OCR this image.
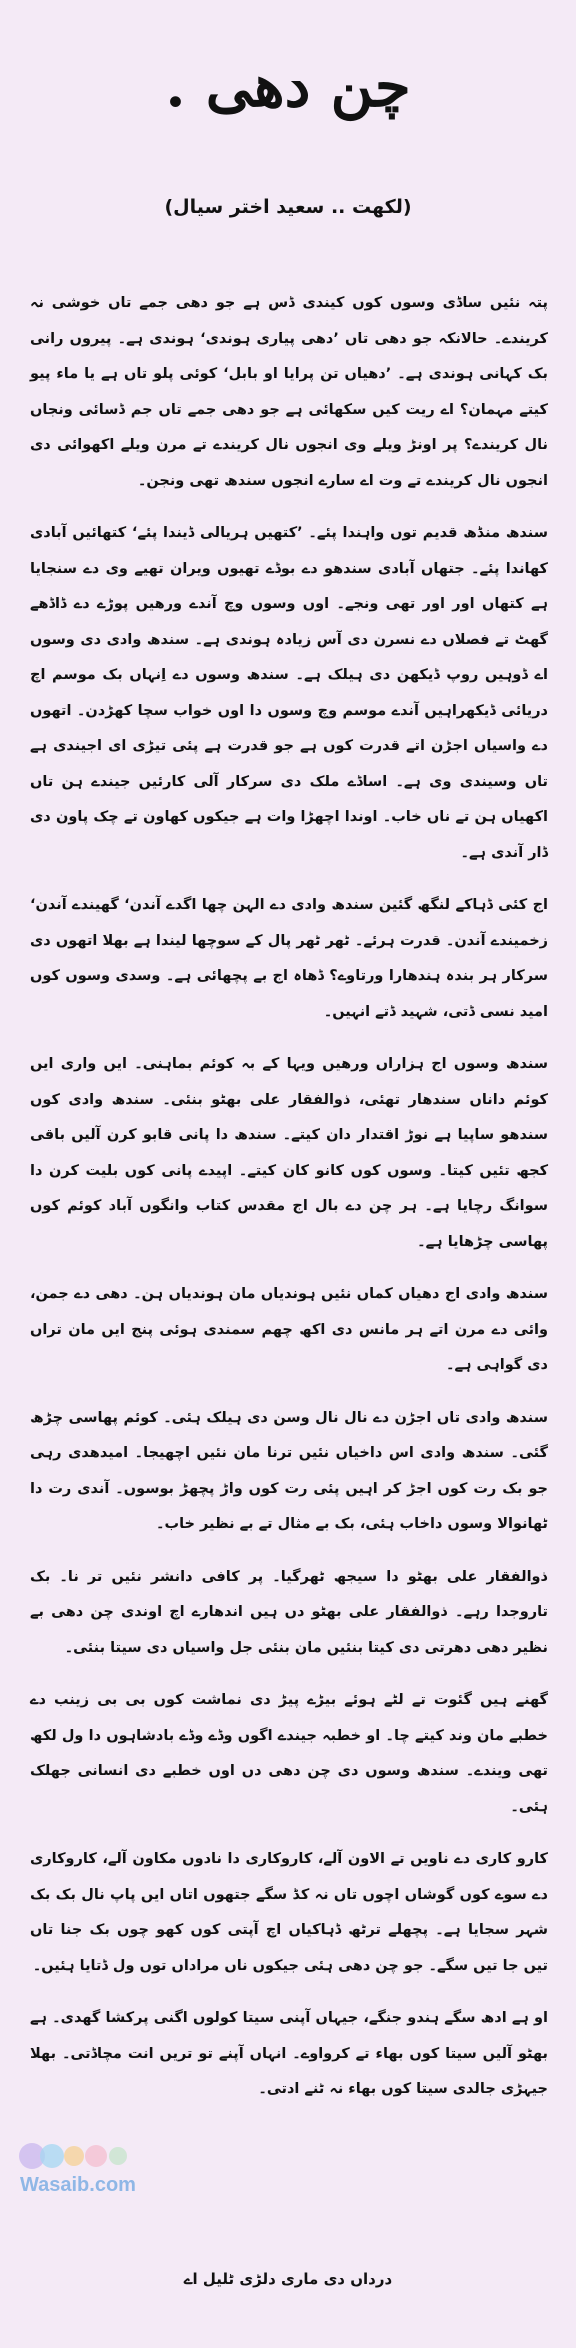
چن دھی .
(لکھت .. سعید اختر سیال)

پتہ نئیں ساڈی وسوں کوں کیندی ڈس ہے جو دھی جمے تاں خوشی نہ کریندے۔ حالانکہ جو دھی تاں ’دھی پیاری ہوندی‘ ہوندی ہے۔ پیروں رانی بک کہانی ہوندی ہے۔ ’دھیاں تن پرایا او بابل‘ کوئی پلو تاں ہے یا ماء پیو کیتے مہمان؟ اے ریت کیں سکھائی ہے جو دھی جمے تاں جم ڈسائی ونجاں نال کریندے؟ پر اونڑ ویلے وی انجوں نال کریندے تے مرن ویلے اکھوائی دی انجوں نال کریندے تے وت اے سارے انجوں سندھ تھی ونجن۔

سندھ منڈھ قدیم توں واہندا پئے۔ ’کتھیں ہریالی ڈیندا پئے‘ کتھائیں آبادی کھاندا پئے۔ جتھاں آبادی سندھو دے بوڈے تھیوں ویران تھیے وی دے سنجایا ہے کتھاں اور اور تھی ونجے۔ اوں وسوں وچ آندے ورھیں پوڑے دے ڈاڈھے گھٹ تے فصلاں دے نسرن دی آس زیادہ ہوندی ہے۔ سندھ وادی دی وسوں اے ڈوہیں روپ ڈیکھن دی ہیلک ہے۔ سندھ وسوں دے اِنہاں بک موسم اچ دریائی ڈیکھراہیں آندے موسم وچ وسوں دا اوں خواب سچا کھڑدن۔ اتھوں دے واسیاں اجڑن اتے قدرت کوں ہے جو قدرت ہے پئی تیڑی ای اجیندی ہے تاں وسیندی وی ہے۔ اساڈے ملک دی سرکار آلی کارئیں جیندے ہن تاں اکھیاں ہن تے ناں خاب۔ اوندا اچھڑا وات ہے جیکوں کھاون تے چک پاون دی ڈار آندی ہے۔

اج کئی ڈہاکے لنگھ گئین سندھ وادی دے الہن چھا اگدے آندن‘ گھیندے آندن‘ زخمیندے آندن۔ قدرت ہرئے۔ ٹھر ٹھر پال کے سوچھا لیندا ہے بھلا اتھوں دی سرکار ہر بندہ ہندھارا ورتاوے؟ ڈھاہ اج بے پچھائی ہے۔ وسدی وسوں کوں امید نسی ڈتی، شہید ڈتے انہیں۔

سندھ وسوں اج ہزاراں ورھیں ویہا کے بہ کوئم بماہنی۔ ایں واری ایں کوئم داناں سندھار تھئی، ذوالفقار علی بھٹو بنئی۔ سندھ وادی کوں سندھو ساپیا ہے نوڑ اقتدار دان کیتے۔ سندھ دا پانی قابو کرن آلیں باقی کجھ تئیں کیتا۔ وسوں کوں کانو کان کیتے۔ اپیدے پانی کوں بلیت کرن دا سوانگ رچایا ہے۔ ہر چن دے بال اج مقدس کتاب وانگوں آباد کوئم کوں پھاسی چڑھایا ہے۔

سندھ وادی اج دھیاں کماں نئیں ہوندیاں مان ہوندیاں ہن۔ دھی دے جمن، وائی دے مرن اتے ہر مانس دی اکھ چھم سمندی ہوئی پنج ایں مان تراں دی گواہی ہے۔

سندھ وادی تاں اجڑن دے نال نال وسن دی ہیلک ہئی۔ کوئم پھاسی چڑھ گئی۔ سندھ وادی اس داخیاں نئیں ترنا مان نئیں اچھیجا۔ امیدھدی رہی جو بک رت کوں اجڑ کر اہیں پئی رت کوں واڑ پچھڑ بوسوں۔ آندی رت دا ٹھانوالا وسوں داخاب ہئی، بک بے مثال تے بے نظیر خاب۔

ذوالفقار علی بھٹو دا سیجھ ٹھرگیا۔ پر کافی دانشر نئیں تر نا۔ بک تاروجدا رہے۔ ذوالفقار علی بھٹو دں ہیں اندھارے اچ اوندی چن دھی بے نظیر دھی دھرتی دی کیتا بنئیں مان بنئی جل واسیاں دی سیتا بنئی۔

گھنے ہیں گئوت تے لٹے ہوئے بیڑے پیڑ دی نماشت کوں بی بی زینب دے خطبے مان وند کیتے چا۔ او خطبہ جیندے اگوں وڈے وڈے بادشاہوں دا ول لکھ تھی ویندے۔ سندھ وسوں دی چن دھی دں اوں خطبے دی انسانی جھلک ہئی۔

کارو کاری دے ناویں تے الاون آلے، کاروکاری دا نادوں مکاون آلے، کاروکاری دے سوے کوں گوشاں اچوں تاں نہ کڈ سگے جتھوں اتاں ایں پاپ نال بک بک شہر سجایا ہے۔ پچھلے ترٹھ ڈہاکیاں اچ آپتی کوں کھو چوں بک جنا تاں تیں جا تیں سگے۔ جو چن دھی ہئی جیکوں ناں مراداں توں ول ڈتایا ہئیں۔

او ہے ادھ سگے ہندو جنگے، جیہاں آپنی سیتا کولوں اگنی پرکشا گھدی۔ ہے بھٹو آلیں سیتا کوں بھاء تے کرواوے۔ انہاں آپنے تو تریں انت مچاڈتی۔ بھلا جیہڑی جالدی سیتا کوں بھاء نہ ٹنے ادتی۔

Wasaib.com
درداں دی ماری دلڑی ٹلیل اے
